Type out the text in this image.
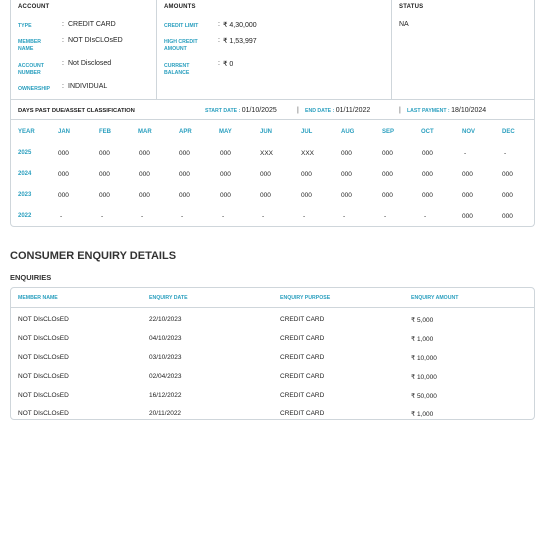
ACCOUNT
TYPE	: CREDIT CARD
MEMBER NAME
: NOT DIsCLOsED
ACCOUNT NUMBER
: Not Disclosed
OWNERSHIP : INDIVIDUAL
AMOUNTS
CREDIT LIMIT	: ₹ 4,30,000
HIGH CREDIT AMOUNT
: ₹ 1,53,997
CURRENT BALANCE
: ₹ 0
STATUS
NA
DAYS PAST DUE/ASSET CLASSIFICATION	START DATE : 01/10/2025	| END DATE : 01/11/2022	| LAST PAYMENT : 18/10/2024
YEAR	JAN	FEB	MAR	APR	MAY	JUN	JUL	AUG	SEP	OCT	NOV	DEC
2025	000	000	000	000	000	XXX	XXX	000	000	000	-	-
2024	000	000	000	000	000	000	000	000	000	000	000	000
2023	000	000	000	000	000	000	000	000	000	000	000	000
2022	-	-	-	-	-	-	-	-	-	-	000	000
CONSUMER ENQUIRY DETAILS
ENQUIRIES
MEMBER NAME	ENQUIRY DATE	ENQUIRY PURPOSE	ENQUIRY AMOUNT
NOT DIsCLOsED	22/10/2023	CREDIT CARD	₹ 5,000
NOT DIsCLOsED	04/10/2023	CREDIT CARD	₹ 1,000
NOT DIsCLOsED	03/10/2023	CREDIT CARD	₹ 10,000
NOT DIsCLOsED	02/04/2023	CREDIT CARD	₹ 10,000
NOT DIsCLOsED	16/12/2022	CREDIT CARD	₹ 50,000
NOT DIsCLOsED	20/11/2022	CREDIT CARD	₹ 1,000
